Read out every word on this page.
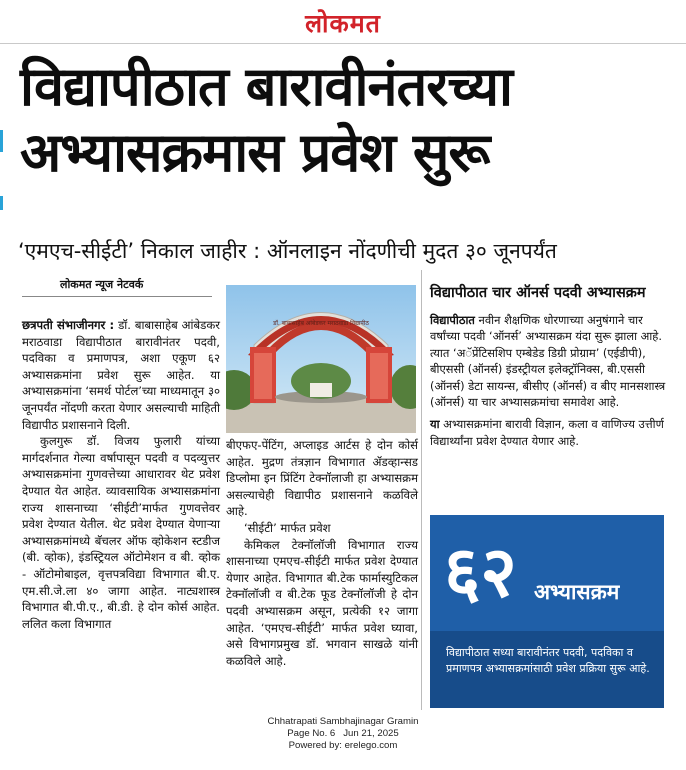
लोकमत
विद्यापीठात बारावीनंतरच्या अभ्यासक्रमास प्रवेश सुरू
‘एमएच-सीईटी’ निकाल जाहीर : ऑनलाइन नोंदणीची मुदत ३० जूनपर्यंत
लोकमत न्यूज नेटवर्क

छत्रपती संभाजीनगर : डॉ. बाबासाहेब आंबेडकर मराठवाडा विद्यापीठात बारावीनंतर पदवी, पदविका व प्रमाणपत्र, अशा एकूण ६२ अभ्यासक्रमांना प्रवेश सुरू आहेत. या अभ्यासक्रमांना ‘समर्थ पोर्टल’च्या माध्यमातून ३० जूनपर्यंत नोंदणी करता येणार असल्याची माहिती विद्यापीठ प्रशासनाने दिली.

कुलगुरू डॉ. विजय फुलारी यांच्या मार्गदर्शनात गेल्या वर्षापासून पदवी व पदव्युत्तर अभ्यासक्रमांना गुणवत्तेच्या आधारावर थेट प्रवेश देण्यात येत आहेत. व्यावसायिक अभ्यासक्रमांना राज्य शासनाच्या ‘सीईटी’मार्फत गुणवत्तेवर प्रवेश देण्यात येतील. थेट प्रवेश देण्यात येणाऱ्या अभ्यासक्रमांमध्ये बॅचलर ऑफ व्होकेशन स्टडीज (बी. व्होक), इंडस्ट्रियल ऑटोमेशन व बी. व्होक - ऑटोमोबाइल, वृत्तपत्रविद्या विभागात बी.ए. एम.सी.जे.ला ४० जागा आहेत. नाट्यशास्त्र विभागात बी.पी.ए., बी.डी. हे दोन कोर्स आहेत. ललित कला विभागात

डॉ. बाबासाहेब आंबेडकर मराठवाडा विद्यापीठ

बीएफए-पेंटिंग, अप्लाइड आर्टस हे दोन कोर्स आहेत. मुद्रण तंत्रज्ञान विभागात ॲडव्हान्सड डिप्लोमा इन प्रिंटिंग टेक्नॉलाजी हा अभ्यासक्रम असल्याचेही विद्यापीठ प्रशासनाने कळविले आहे.

‘सीईटी’ मार्फत प्रवेश

केमिकल टेक्नॉलॉजी विभागात राज्य शासनाच्या एमएच-सीईटी मार्फत प्रवेश देण्यात येणार आहेत. विभागात बी.टेक फार्मास्युटिकल टेक्नॉलॉजी व बी.टेक फूड टेक्नॉलॉजी हे दोन पदवी अभ्यासक्रम असून, प्रत्येकी १२ जागा आहेत. ‘एमएच-सीईटी’ मार्फत प्रवेश घ्यावा, असे विभागप्रमुख डॉ. भगवान साखळे यांनी कळविले आहे.

विद्यापीठात चार ऑनर्स पदवी अभ्यासक्रम

विद्यापीठात नवीन शैक्षणिक धोरणाच्या अनुषंगाने चार वर्षांच्या पदवी ‘ऑनर्स’ अभ्यासक्रम यंदा सुरू झाला आहे. त्यात ‘अॅप्रेंटिसशिप एम्बेडेड डिग्री प्रोग्राम’ (एईडीपी), बीएससी (ऑनर्स) इंडस्ट्रीयल इलेक्ट्रॉनिक्स, बी.एससी (ऑनर्स) डेटा सायन्स, बीसीए (ऑनर्स) व बीए मानसशास्त्र (ऑनर्स) या चार अभ्यासक्रमांचा समावेश आहे.

या अभ्यासक्रमांना बारावी विज्ञान, कला व वाणिज्य उत्तीर्ण विद्यार्थ्यांना प्रवेश देण्यात येणार आहे.

६२ अभ्यासक्रम
विद्यापीठात सध्या बारावीनंतर पदवी, पदविका व प्रमाणपत्र अभ्यासक्रमांसाठी प्रवेश प्रक्रिया सुरू आहे.
Chhatrapati Sambhajinagar Gramin
Page No. 6   Jun 21, 2025
Powered by: erelego.com
